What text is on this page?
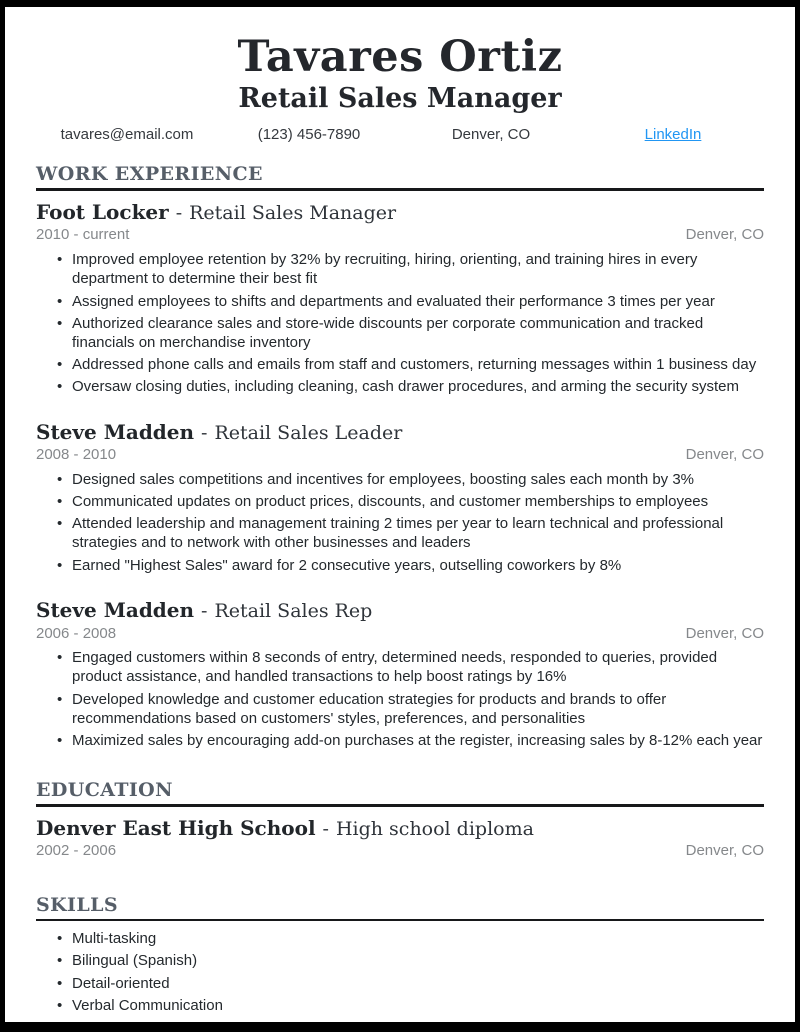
Tavares Ortiz
Retail Sales Manager
tavares@email.com	(123) 456-7890	Denver, CO	LinkedIn
WORK EXPERIENCE
Foot Locker - Retail Sales Manager
2010 - current	Denver, CO
• Improved employee retention by 32% by recruiting, hiring, orienting, and training hires in every department to determine their best fit
• Assigned employees to shifts and departments and evaluated their performance 3 times per year
• Authorized clearance sales and store-wide discounts per corporate communication and tracked financials on merchandise inventory
• Addressed phone calls and emails from staff and customers, returning messages within 1 business day
• Oversaw closing duties, including cleaning, cash drawer procedures, and arming the security system
Steve Madden - Retail Sales Leader
2008 - 2010	Denver, CO
• Designed sales competitions and incentives for employees, boosting sales each month by 3%
• Communicated updates on product prices, discounts, and customer memberships to employees
• Attended leadership and management training 2 times per year to learn technical and professional strategies and to network with other businesses and leaders
• Earned "Highest Sales" award for 2 consecutive years, outselling coworkers by 8%
Steve Madden - Retail Sales Rep
2006 - 2008	Denver, CO
• Engaged customers within 8 seconds of entry, determined needs, responded to queries, provided product assistance, and handled transactions to help boost ratings by 16%
• Developed knowledge and customer education strategies for products and brands to offer recommendations based on customers' styles, preferences, and personalities
• Maximized sales by encouraging add-on purchases at the register, increasing sales by 8-12% each year
EDUCATION
Denver East High School - High school diploma
2002 - 2006	Denver, CO
SKILLS
• Multi-tasking
• Bilingual (Spanish)
• Detail-oriented
• Verbal Communication
